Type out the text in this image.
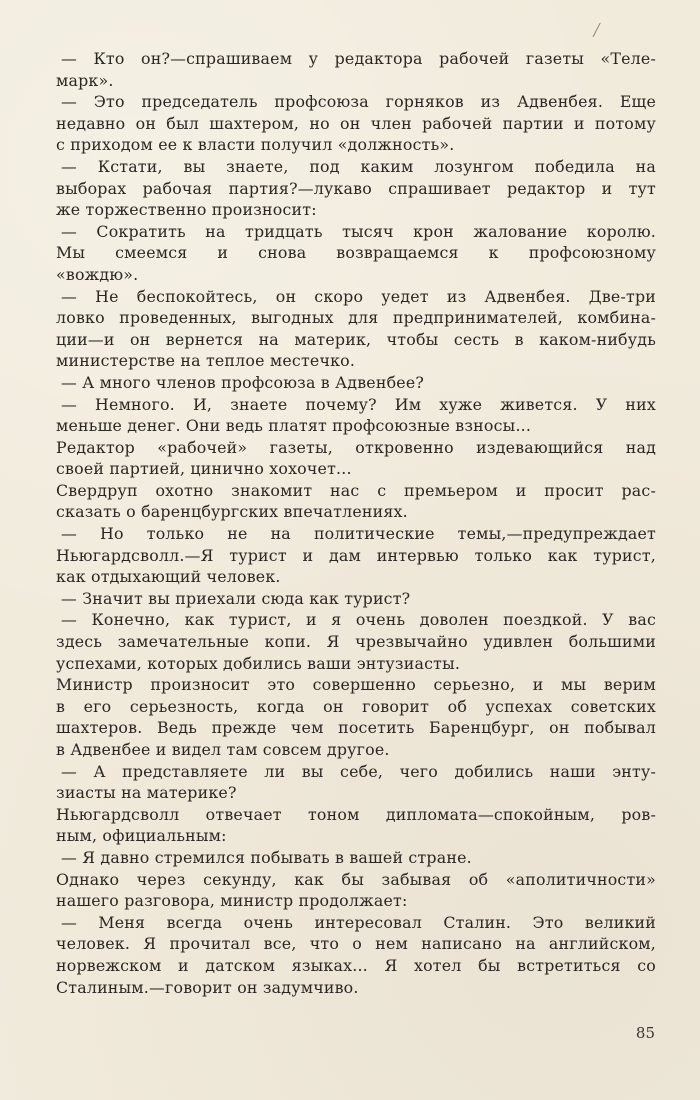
╱
— Кто он?—спрашиваем у редактора рабочей газеты «Теле-
марк».
— Это председатель профсоюза горняков из Адвенбея. Еще
недавно он был шахтером, но он член рабочей партии и потому
с приходом ее к власти получил «должность».
— Кстати, вы знаете, под каким лозунгом победила на
выборах рабочая партия?—лукаво спрашивает редактор и тут
же торжественно произносит:
— Сократить на тридцать тысяч крон жалование королю.
Мы смеемся и снова возвращаемся к профсоюзному
«вождю».
— Не беспокойтесь, он скоро уедет из Адвенбея. Две-три
ловко проведенных, выгодных для предпринимателей, комбина-
ции—и он вернется на материк, чтобы сесть в каком-нибудь
министерстве на теплое местечко.
— А много членов профсоюза в Адвенбее?
— Немного. И, знаете почему? Им хуже живется. У них
меньше денег. Они ведь платят профсоюзные взносы...
Редактор «рабочей» газеты, откровенно издевающийся над
своей партией, цинично хохочет...
Свердруп охотно знакомит нас с премьером и просит рас-
сказать о баренцбургских впечатлениях.
— Но только не на политические темы,—предупреждает
Ньюгардсволл.—Я турист и дам интервью только как турист,
как отдыхающий человек.
— Значит вы приехали сюда как турист?
— Конечно, как турист, и я очень доволен поездкой. У вас
здесь замечательные копи. Я чрезвычайно удивлен большими
успехами, которых добились ваши энтузиасты.
Министр произносит это совершенно серьезно, и мы верим
в его серьезность, когда он говорит об успехах советских
шахтеров. Ведь прежде чем посетить Баренцбург, он побывал
в Адвенбее и видел там совсем другое.
— А представляете ли вы себе, чего добились наши энту-
зиасты на материке?
Ньюгардсволл отвечает тоном дипломата—спокойным, ров-
ным, официальным:
— Я давно стремился побывать в вашей стране.
Однако через секунду, как бы забывая об «аполитичности»
нашего разговора, министр продолжает:
— Меня всегда очень интересовал Сталин. Это великий
человек. Я прочитал все, что о нем написано на английском,
норвежском и датском языках... Я хотел бы встретиться со
Сталиным.—говорит он задумчиво.
85
